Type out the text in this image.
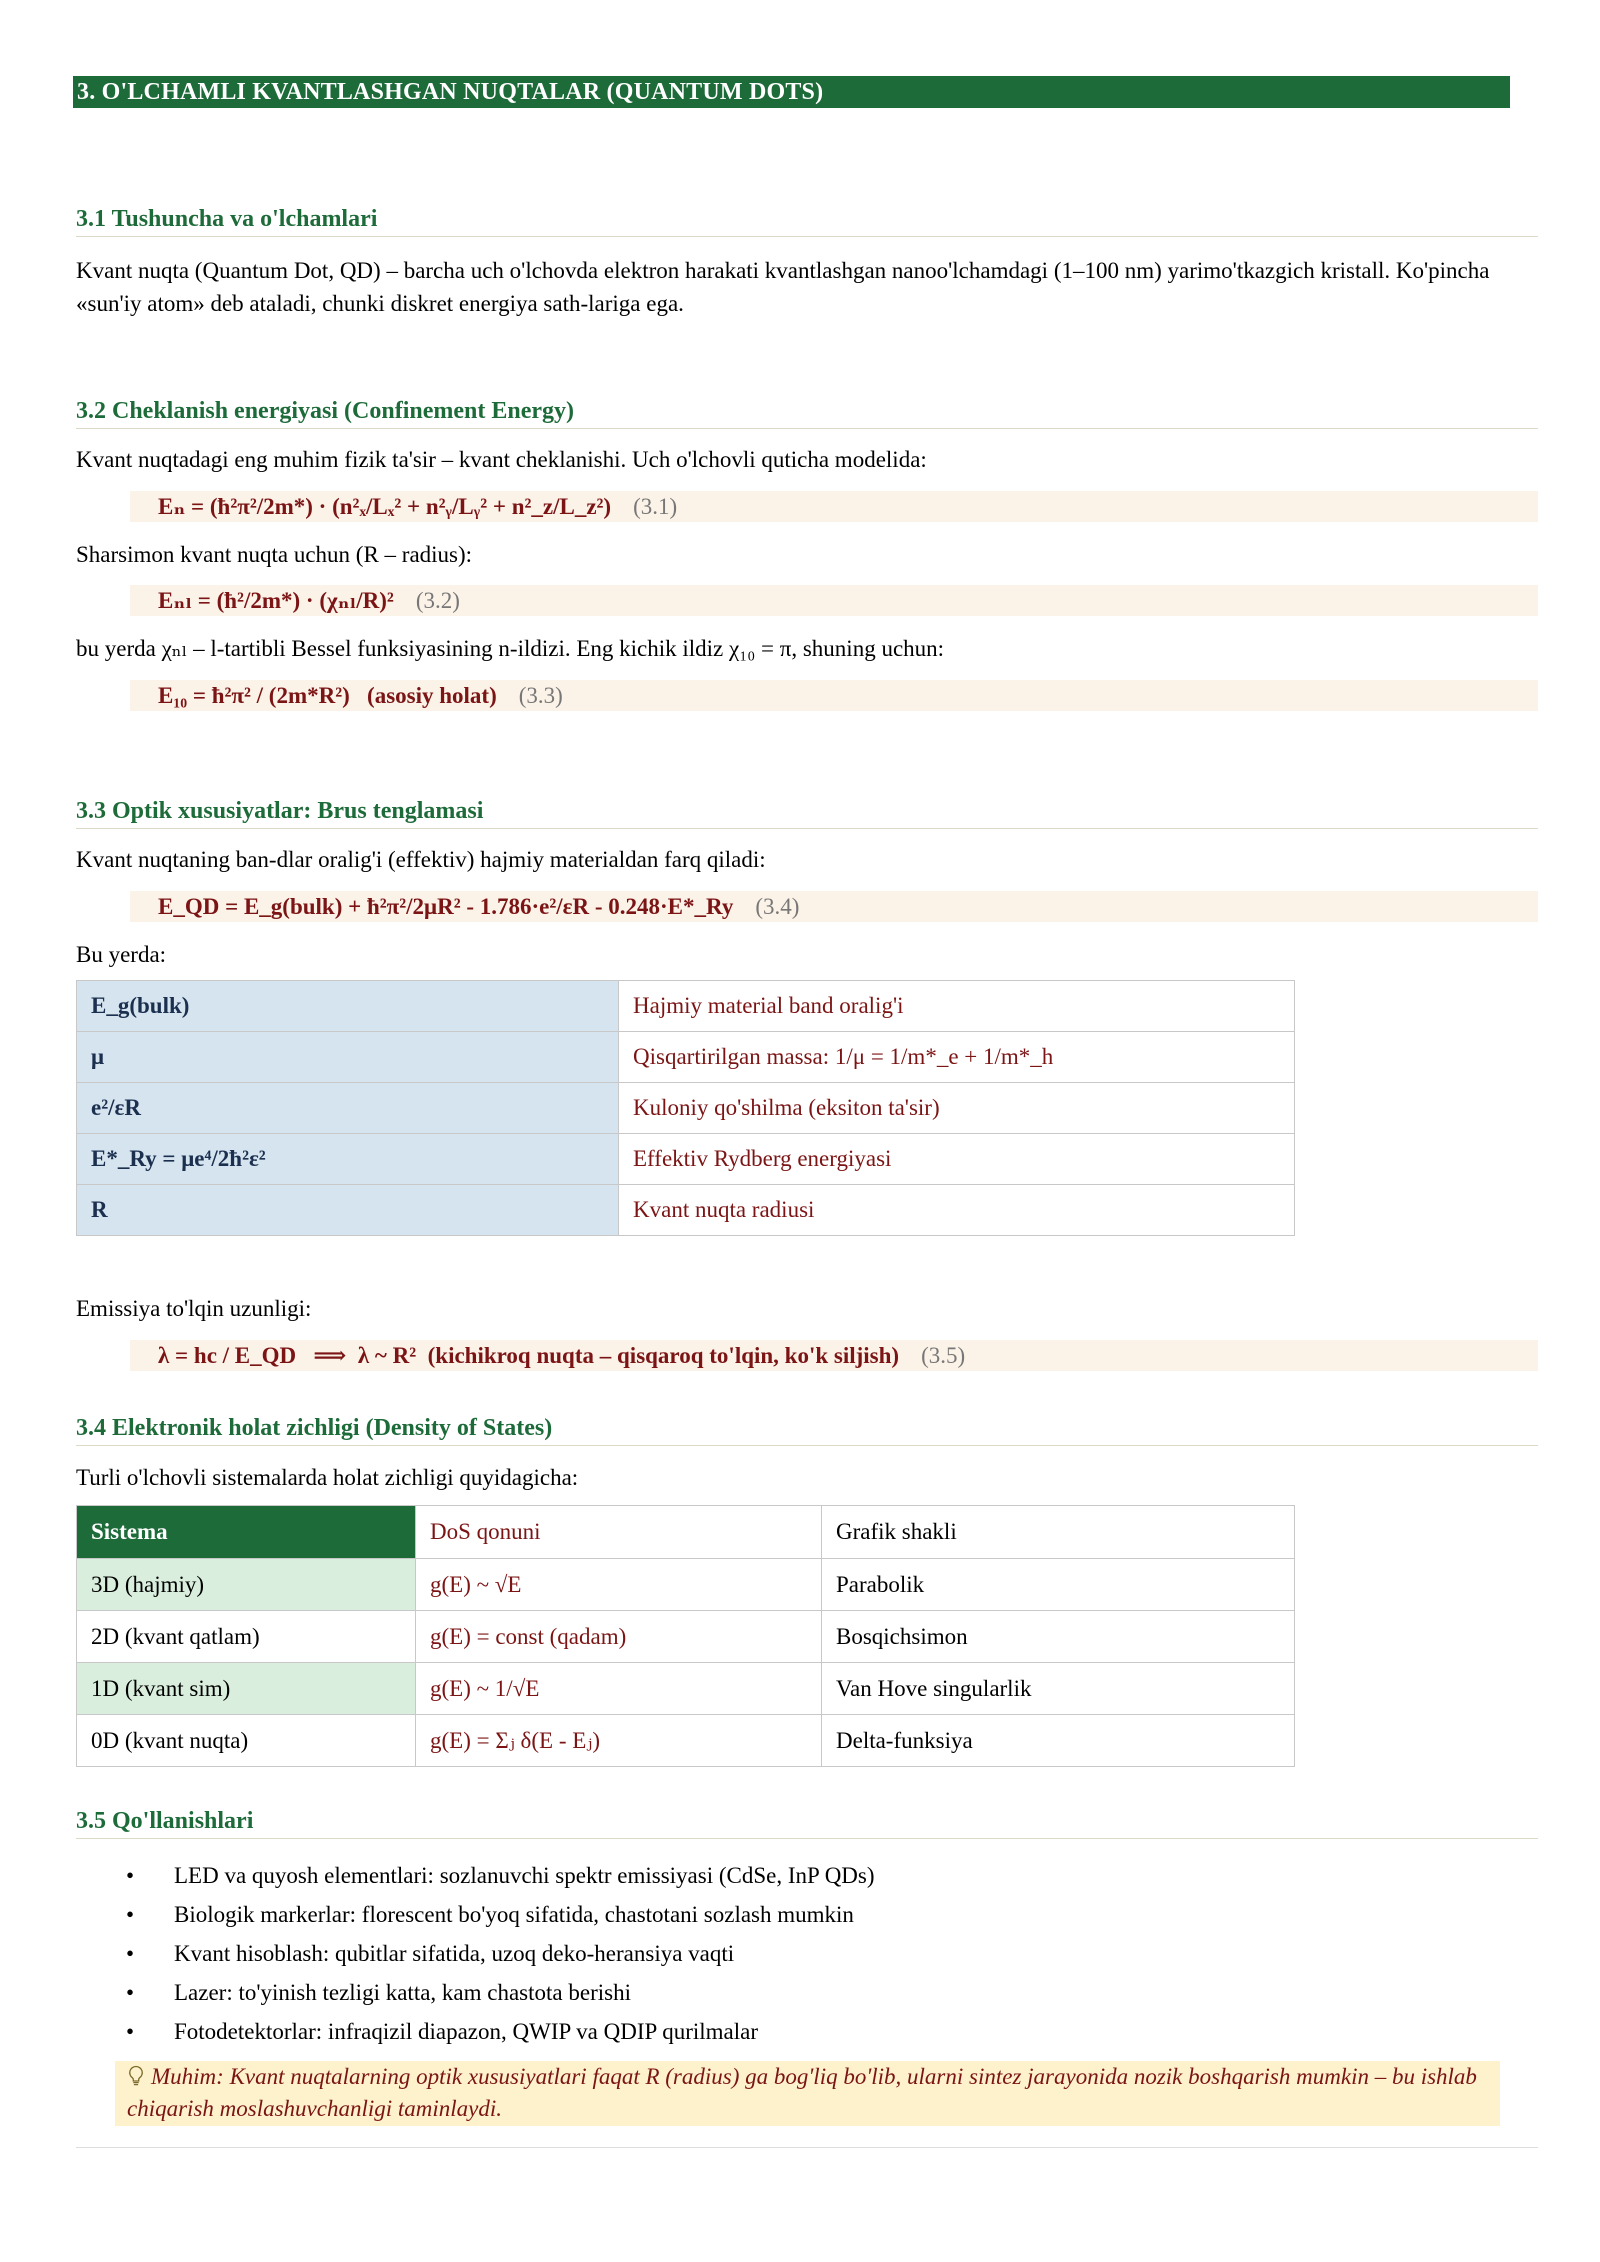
3. O'LCHAMLI KVANTLASHGAN NUQTALAR (QUANTUM DOTS)
3.1 Tushuncha va o'lchamlari
Kvant nuqta (Quantum Dot, QD) – barcha uch o'lchovda elektron harakati kvantlashgan nanoo'lchamdagi (1–100 nm) yarimo'tkazgich kristall. Ko'pincha «sun'iy atom» deb ataladi, chunki diskret energiya sath-lariga ega.
3.2 Cheklanish energiyasi (Confinement Energy)
Kvant nuqtadagi eng muhim fizik ta'sir – kvant cheklanishi. Uch o'lchovli quticha modelida:
Eₙ = (ħ²π²/2m*) · (n²ₓ/Lₓ² + n²ᵧ/Lᵧ² + n²_z/L_z²) (3.1)
Sharsimon kvant nuqta uchun (R – radius):
Eₙₗ = (ħ²/2m*) · (χₙₗ/R)² (3.2)
bu yerda χₙₗ – l-tartibli Bessel funksiyasining n-ildizi. Eng kichik ildiz χ₁₀ = π, shuning uchun:
E₁₀ = ħ²π² / (2m*R²)   (asosiy holat) (3.3)
3.3 Optik xususiyatlar: Brus tenglamasi
Kvant nuqtaning ban-dlar oralig'i (effektiv) hajmiy materialdan farq qiladi:
E_QD = E_g(bulk) + ħ²π²/2μR² - 1.786·e²/εR - 0.248·E*_Ry (3.4)
Bu yerda:
E_g(bulk)	Hajmiy material band oralig'i
μ	Qisqartirilgan massa: 1/μ = 1/m*_e + 1/m*_h
e²/εR	Kuloniy qo'shilma (eksiton ta'sir)
E*_Ry = μe⁴/2ħ²ε²	Effektiv Rydberg energiyasi
R	Kvant nuqta radiusi
Emissiya to'lqin uzunligi:
λ = hc / E_QD   ⟹  λ ~ R²  (kichikroq nuqta – qisqaroq to'lqin, ko'k siljish) (3.5)
3.4 Elektronik holat zichligi (Density of States)
Turli o'lchovli sistemalarda holat zichligi quyidagicha:
Sistema	DoS qonuni	Grafik shakli
3D (hajmiy)	g(E) ~ √E	Parabolik
2D (kvant qatlam)	g(E) = const (qadam)	Bosqichsimon
1D (kvant sim)	g(E) ~ 1/√E	Van Hove singularlik
0D (kvant nuqta)	g(E) = Σⱼ δ(E - Eⱼ)	Delta-funksiya
3.5 Qo'llanishlari
• LED va quyosh elementlari: sozlanuvchi spektr emissiyasi (CdSe, InP QDs)
• Biologik markerlar: florescent bo'yoq sifatida, chastotani sozlash mumkin
• Kvant hisoblash: qubitlar sifatida, uzoq deko-heransiya vaqti
• Lazer: to'yinish tezligi katta, kam chastota berishi
• Fotodetektorlar: infraqizil diapazon, QWIP va QDIP qurilmalar
Muhim: Kvant nuqtalarning optik xususiyatlari faqat R (radius) ga bog'liq bo'lib, ularni sintez jarayonida nozik boshqarish mumkin – bu ishlab chiqarish moslashuvchanligi taminlaydi.
